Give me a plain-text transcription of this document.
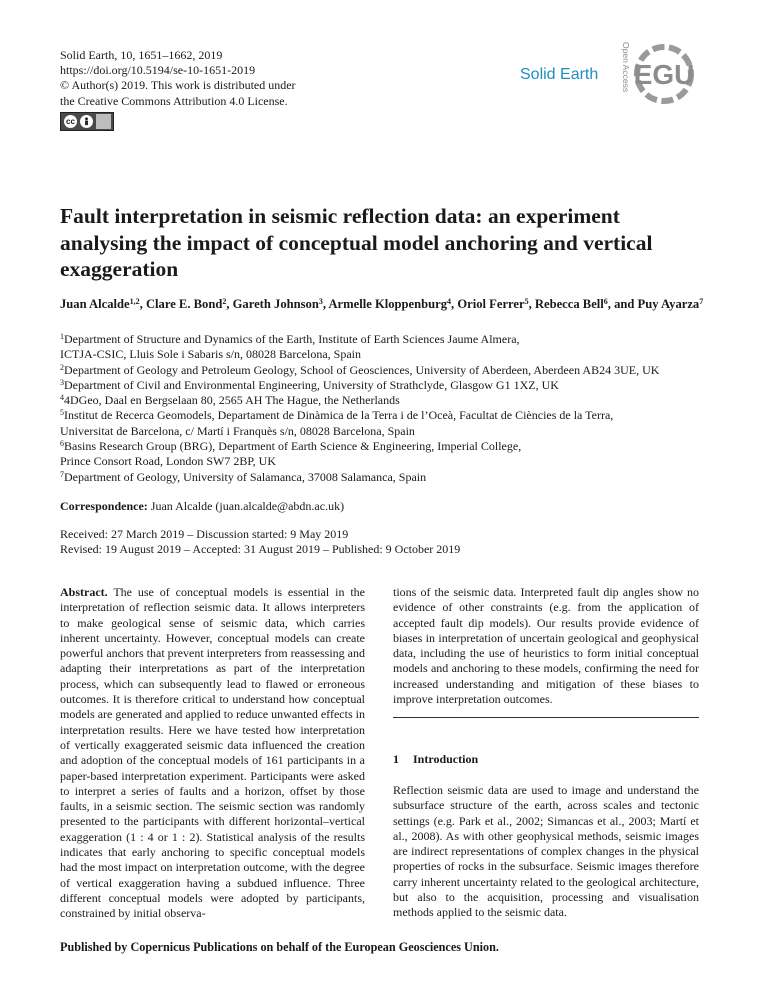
Solid Earth, 10, 1651–1662, 2019
https://doi.org/10.5194/se-10-1651-2019
© Author(s) 2019. This work is distributed under
the Creative Commons Attribution 4.0 License.
cc
Solid Earth	Open Access EGU
Fault interpretation in seismic reflection data: an experiment analysing the impact of conceptual model anchoring and vertical exaggeration
Juan Alcalde$^{1,2}$, Clare E. Bond$^2$, Gareth Johnson$^3$, Armelle Kloppenburg$^4$, Oriol Ferrer$^5$, Rebecca Bell$^6$, and Puy Ayarza$^7$
$^1$Department of Structure and Dynamics of the Earth, Institute of Earth Sciences Jaume Almera,
ICTJA-CSIC, Lluis Sole i Sabaris s/n, 08028 Barcelona, Spain
$^2$Department of Geology and Petroleum Geology, School of Geosciences, University of Aberdeen, Aberdeen AB24 3UE, UK
$^3$Department of Civil and Environmental Engineering, University of Strathclyde, Glasgow G1 1XZ, UK
$^4$4DGeo, Daal en Bergselaan 80, 2565 AH The Hague, the Netherlands
$^5$Institut de Recerca Geomodels, Departament de Dinàmica de la Terra i de l’Oceà, Facultat de Ciències de la Terra,
Universitat de Barcelona, c/ Martí i Franquès s/n, 08028 Barcelona, Spain
$^6$Basins Research Group (BRG), Department of Earth Science & Engineering, Imperial College,
Prince Consort Road, London SW7 2BP, UK
$^7$Department of Geology, University of Salamanca, 37008 Salamanca, Spain
Correspondence: Juan Alcalde (juan.alcalde@abdn.ac.uk)
Received: 27 March 2019 – Discussion started: 9 May 2019
Revised: 19 August 2019 – Accepted: 31 August 2019 – Published: 9 October 2019
Abstract. The use of conceptual models is essential in the interpretation of reflection seismic data. It allows interpreters to make geological sense of seismic data, which carries inherent uncertainty. However, conceptual models can create powerful anchors that prevent interpreters from reassessing and adapting their interpretations as part of the interpretation process, which can subsequently lead to flawed or erroneous outcomes. It is therefore critical to understand how conceptual models are generated and applied to reduce unwanted effects in interpretation results. Here we have tested how interpretation of vertically exaggerated seismic data influenced the creation and adoption of the conceptual models of 161 participants in a paper-based interpretation experiment. Participants were asked to interpret a series of faults and a horizon, offset by those faults, in a seismic section. The seismic section was randomly presented to the participants with different horizontal–vertical exaggeration (1 : 4 or 1 : 2). Statistical analysis of the results indicates that early anchoring to specific conceptual models had the most impact on interpretation outcome, with the degree of vertical exaggeration having a subdued influence. Three different conceptual models were adopted by participants, constrained by initial observa-
tions of the seismic data. Interpreted fault dip angles show no evidence of other constraints (e.g. from the application of accepted fault dip models). Our results provide evidence of biases in interpretation of uncertain geological and geophysical data, including the use of heuristics to form initial conceptual models and anchoring to these models, confirming the need for increased understanding and mitigation of these biases to improve interpretation outcomes.
1 Introduction
Reflection seismic data are used to image and understand the subsurface structure of the earth, across scales and tectonic settings (e.g. Park et al., 2002; Simancas et al., 2003; Martí et al., 2008). As with other geophysical methods, seismic images are indirect representations of complex changes in the physical properties of rocks in the subsurface. Seismic images therefore carry inherent uncertainty related to the geological architecture, but also to the acquisition, processing and visualisation methods applied to the seismic data.
Published by Copernicus Publications on behalf of the European Geosciences Union.
